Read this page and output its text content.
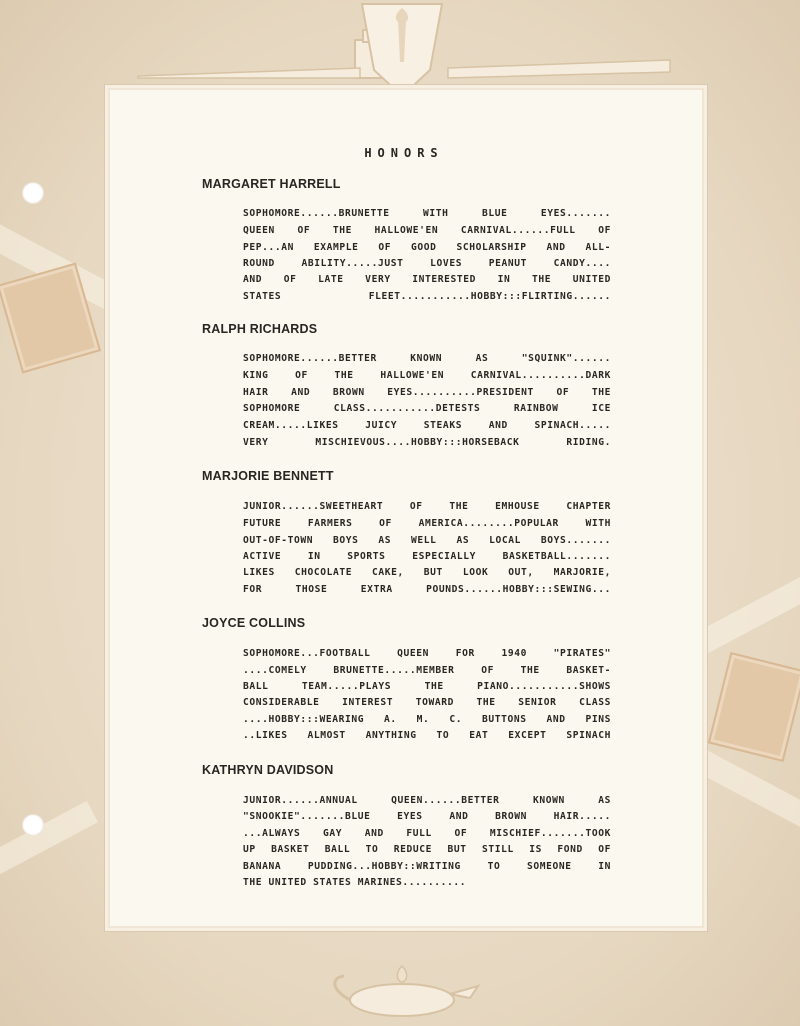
HONORS
MARGARET HARRELL
SOPHOMORE......BRUNETTE WITH BLUE EYES.......
QUEEN OF THE HALLOWE'EN CARNIVAL......FULL OF
PEP...AN EXAMPLE OF GOOD SCHOLARSHIP AND ALL-
ROUND ABILITY.....JUST LOVES PEANUT CANDY....
AND OF LATE VERY INTERESTED IN THE UNITED
STATES FLEET...........HOBBY:::FLIRTING......
RALPH RICHARDS
SOPHOMORE......BETTER KNOWN AS "SQUINK"......
KING OF THE HALLOWE'EN CARNIVAL..........DARK
HAIR AND BROWN EYES..........PRESIDENT OF THE
SOPHOMORE CLASS...........DETESTS RAINBOW ICE
CREAM.....LIKES JUICY STEAKS AND SPINACH.....
VERY MISCHIEVOUS....HOBBY:::HORSEBACK RIDING.
MARJORIE BENNETT
JUNIOR......SWEETHEART OF THE EMHOUSE CHAPTER
FUTURE FARMERS OF AMERICA........POPULAR WITH
OUT-OF-TOWN BOYS AS WELL AS LOCAL BOYS.......
ACTIVE IN SPORTS ESPECIALLY BASKETBALL.......
LIKES CHOCOLATE CAKE, BUT LOOK OUT, MARJORIE,
FOR THOSE EXTRA POUNDS......HOBBY:::SEWING...
JOYCE COLLINS
SOPHOMORE...FOOTBALL QUEEN FOR 1940 "PIRATES"
....COMELY BRUNETTE.....MEMBER OF THE BASKET-
BALL TEAM.....PLAYS THE PIANO...........SHOWS
CONSIDERABLE INTEREST TOWARD THE SENIOR CLASS
....HOBBY:::WEARING A. M. C. BUTTONS AND PINS
..LIKES ALMOST ANYTHING TO EAT EXCEPT SPINACH
KATHRYN DAVIDSON
JUNIOR......ANNUAL QUEEN......BETTER KNOWN AS
"SNOOKIE".......BLUE EYES AND BROWN HAIR.....
...ALWAYS GAY AND FULL OF MISCHIEF.......TOOK
UP BASKET BALL TO REDUCE BUT STILL IS FOND OF
BANANA PUDDING...HOBBY::WRITING TO SOMEONE IN
THE UNITED STATES MARINES..........
